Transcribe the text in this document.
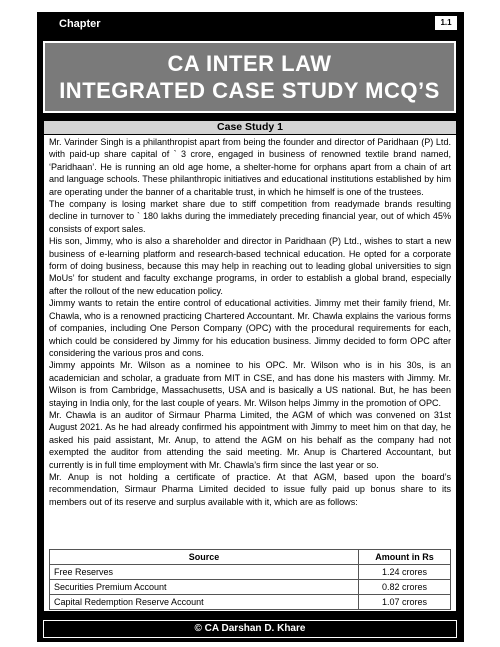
Chapter	1.1
CA INTER LAW
INTEGRATED CASE STUDY MCQ’S
Case Study 1

Mr. Varinder Singh is a philanthropist apart from being the founder and director of Paridhaan (P) Ltd. with paid-up share capital of ` 3 crore, engaged in business of renowned textile brand named, ‘Paridhaan’. He is running an old age home, a shelter-home for orphans apart from a chain of art and language schools. These philanthropic initiatives and educational institutions established by him are operating under the banner of a charitable trust, in which he himself is one of the trustees.

The company is losing market share due to stiff competition from readymade brands resulting decline in turnover to ` 180 lakhs during the immediately preceding financial year, out of which 45% consists of export sales.

His son, Jimmy, who is also a shareholder and director in Paridhaan (P) Ltd., wishes to start a new business of e-learning platform and research-based technical education. He opted for a corporate form of doing business, because this may help in reaching out to leading global universities to sign MoUs’ for student and faculty exchange programs, in order to establish a global brand, especially after the rollout of the new education policy.

Jimmy wants to retain the entire control of educational activities. Jimmy met their family friend, Mr. Chawla, who is a renowned practicing Chartered Accountant. Mr. Chawla explains the various forms of companies, including One Person Company (OPC) with the procedural requirements for each, which could be considered by Jimmy for his education business. Jimmy decided to form OPC after considering the various pros and cons.

Jimmy appoints Mr. Wilson as a nominee to his OPC. Mr. Wilson who is in his 30s, is an academician and scholar, a graduate from MIT in CSE, and has done his masters with Jimmy. Mr. Wilson is from Cambridge, Massachusetts, USA and is basically a US national. But, he has been staying in India only, for the last couple of years. Mr. Wilson helps Jimmy in the promotion of OPC.

Mr. Chawla is an auditor of Sirmaur Pharma Limited, the AGM of which was convened on 31st August 2021. As he had already confirmed his appointment with Jimmy to meet him on that day, he asked his paid assistant, Mr. Anup, to attend the AGM on his behalf as the company had not exempted the auditor from attending the said meeting. Mr. Anup is Chartered Accountant, but currently is in full time employment with Mr. Chawla’s firm since the last year or so.

Mr. Anup is not holding a certificate of practice. At that AGM, based upon the board’s recommendation, Sirmaur Pharma Limited decided to issue fully paid up bonus share to its members out of its reserve and surplus available with it, which are as follows:

Source	Amount in Rs
Free Reserves	1.24 crores
Securities Premium Account	0.82 crores
Capital Redemption Reserve Account	1.07 crores
© CA Darshan D. Khare
